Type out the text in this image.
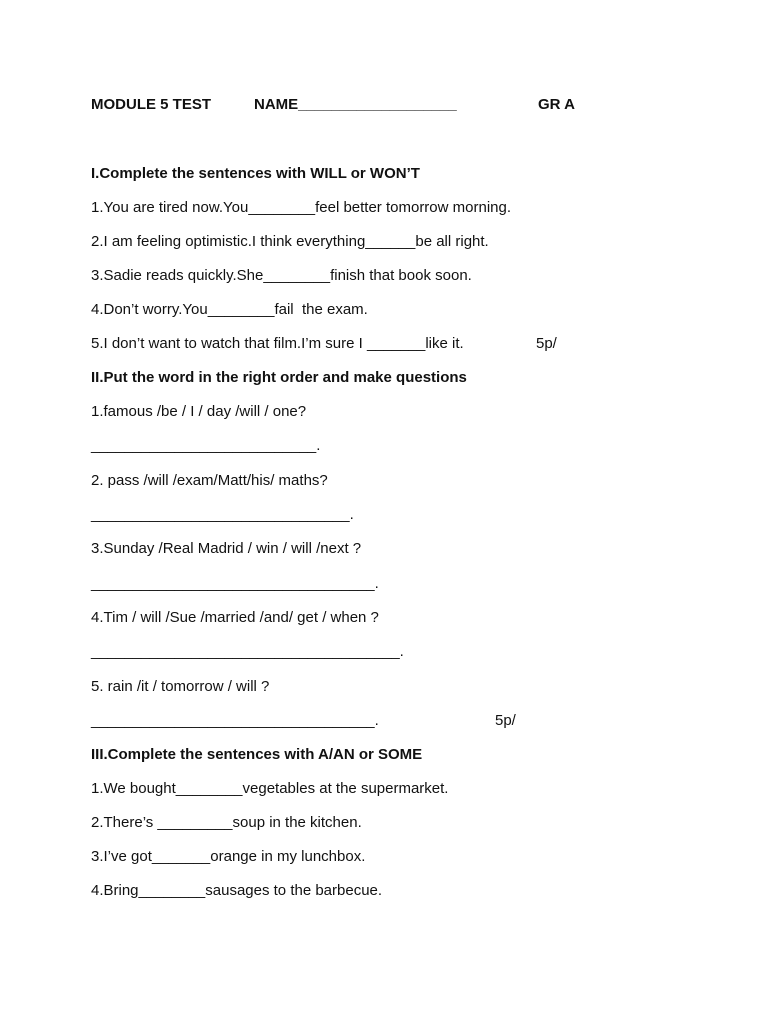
MODULE 5 TEST	NAME___________________	GR A
I.Complete the sentences with WILL or WON’T
1.You are tired now.You________feel better tomorrow morning.
2.I am feeling optimistic.I think everything______be all right.
3.Sadie reads quickly.She________finish that book soon.
4.Don’t worry.You________fail  the exam.
5.I don’t want to watch that film.I’m sure I _______like it.	5p/
II.Put the word in the right order and make questions
1.famous /be / I / day /will / one?
___________________________.
2. pass /will /exam/Matt/his/ maths?
_______________________________.
3.Sunday /Real Madrid / win / will /next ?
__________________________________.
4.Tim / will /Sue /married /and/ get / when ?
_____________________________________.
5. rain /it / tomorrow / will ?
__________________________________.	5p/
III.Complete the sentences with A/AN or SOME
1.We bought________vegetables at the supermarket.
2.There’s _________soup in the kitchen.
3.I’ve got_______orange in my lunchbox.
4.Bring________sausages to the barbecue.
